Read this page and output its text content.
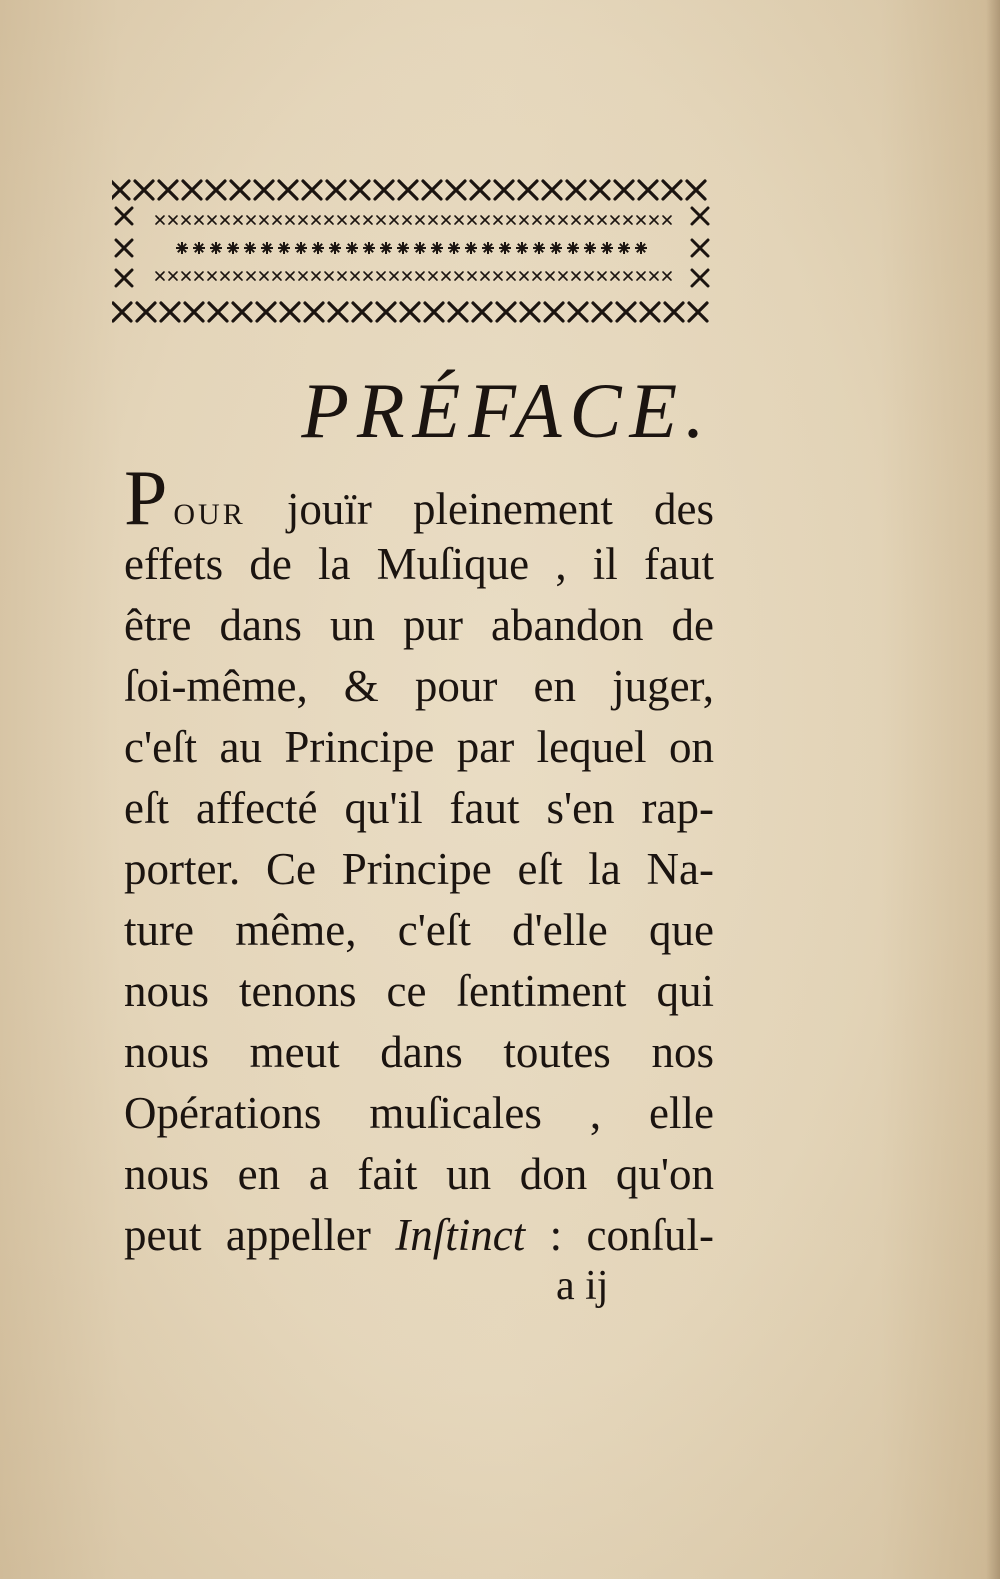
PRÉFACE.
POUR jouïr pleinement des
effets de la Muſique , il faut
être dans un pur abandon de
ſoi-même, & pour en juger,
c'eſt au Principe par lequel on
eſt affecté qu'il faut s'en rap-
porter. Ce Principe eſt la Na-
ture même, c'eſt d'elle que
nous tenons ce ſentiment qui
nous meut dans toutes nos
Opérations muſicales , elle
nous en a fait un don qu'on
peut appeller Inſtinct : conſul-
a ij
